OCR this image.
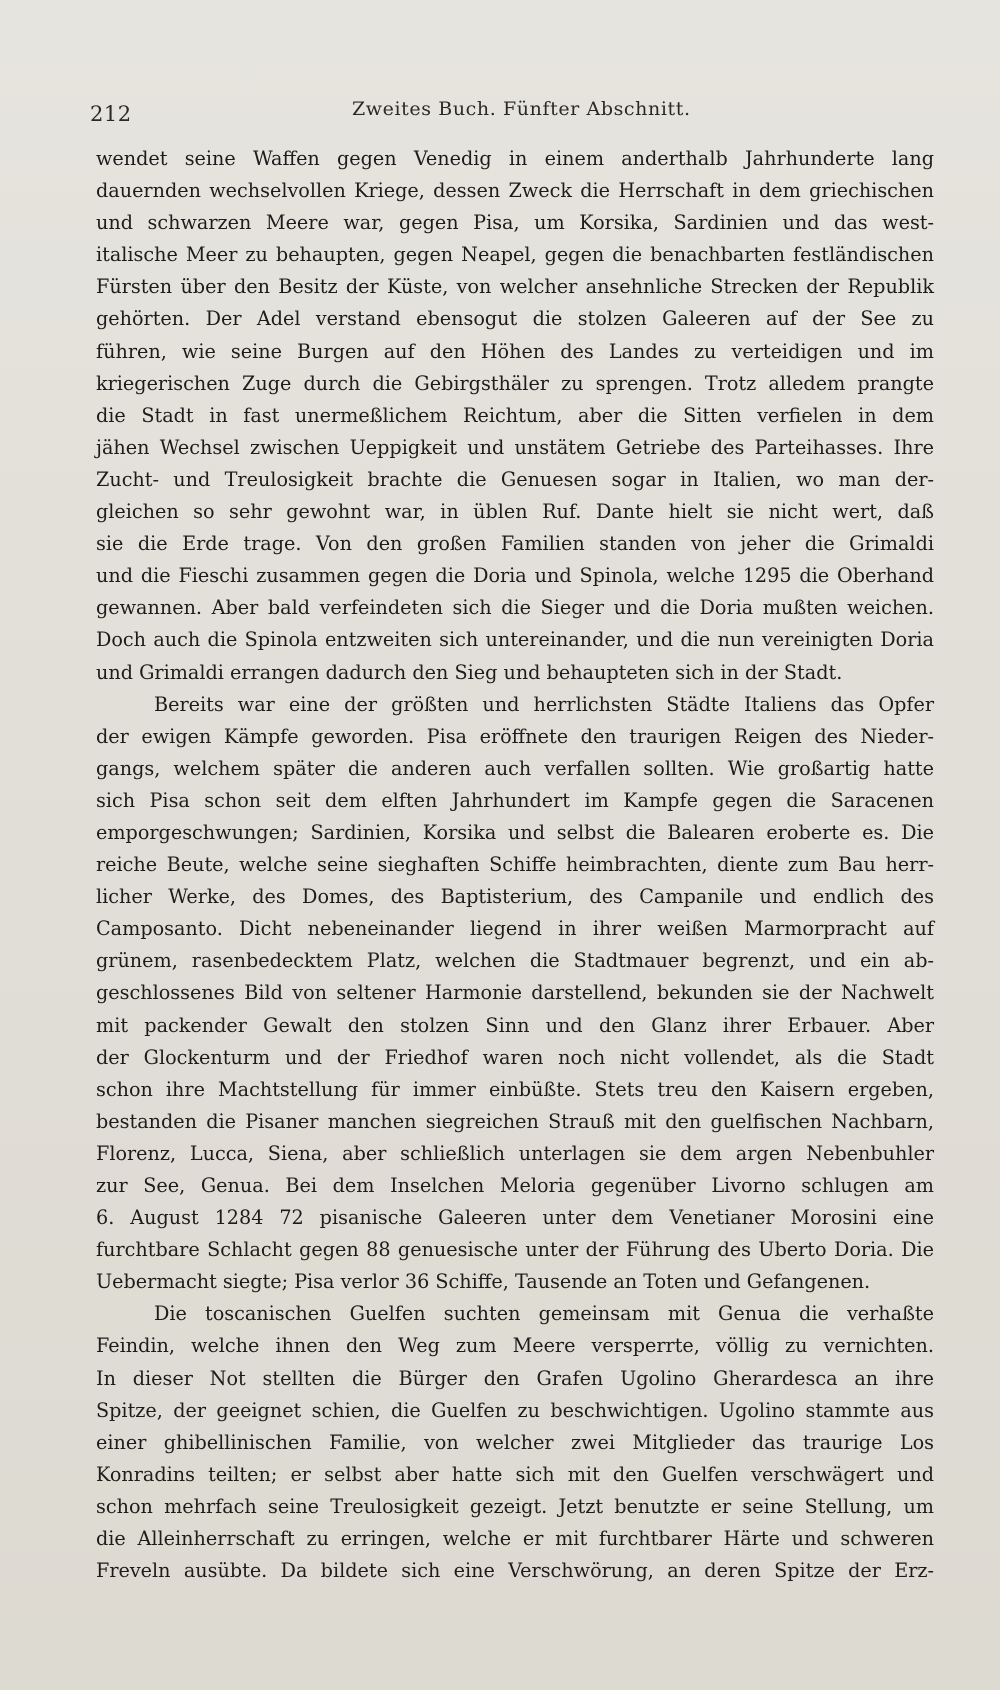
212	Zweites Buch. Fünfter Abschnitt.
wendet seine Waffen gegen Venedig in einem anderthalb Jahrhunderte lang
dauernden wechselvollen Kriege, dessen Zweck die Herrschaft in dem griechischen
und schwarzen Meere war, gegen Pisa, um Korsika, Sardinien und das west-
italische Meer zu behaupten, gegen Neapel, gegen die benachbarten festländischen
Fürsten über den Besitz der Küste, von welcher ansehnliche Strecken der Republik
gehörten. Der Adel verstand ebensogut die stolzen Galeeren auf der See zu
führen, wie seine Burgen auf den Höhen des Landes zu verteidigen und im
kriegerischen Zuge durch die Gebirgsthäler zu sprengen. Trotz alledem prangte
die Stadt in fast unermeßlichem Reichtum, aber die Sitten verfielen in dem
jähen Wechsel zwischen Ueppigkeit und unstätem Getriebe des Parteihasses. Ihre
Zucht- und Treulosigkeit brachte die Genuesen sogar in Italien, wo man der-
gleichen so sehr gewohnt war, in üblen Ruf. Dante hielt sie nicht wert, daß
sie die Erde trage. Von den großen Familien standen von jeher die Grimaldi
und die Fieschi zusammen gegen die Doria und Spinola, welche 1295 die Oberhand
gewannen. Aber bald verfeindeten sich die Sieger und die Doria mußten weichen.
Doch auch die Spinola entzweiten sich untereinander, und die nun vereinigten Doria
und Grimaldi errangen dadurch den Sieg und behaupteten sich in der Stadt.
Bereits war eine der größten und herrlichsten Städte Italiens das Opfer
der ewigen Kämpfe geworden. Pisa eröffnete den traurigen Reigen des Nieder-
gangs, welchem später die anderen auch verfallen sollten. Wie großartig hatte
sich Pisa schon seit dem elften Jahrhundert im Kampfe gegen die Saracenen
emporgeschwungen; Sardinien, Korsika und selbst die Balearen eroberte es. Die
reiche Beute, welche seine sieghaften Schiffe heimbrachten, diente zum Bau herr-
licher Werke, des Domes, des Baptisterium, des Campanile und endlich des
Camposanto. Dicht nebeneinander liegend in ihrer weißen Marmorpracht auf
grünem, rasenbedecktem Platz, welchen die Stadtmauer begrenzt, und ein ab-
geschlossenes Bild von seltener Harmonie darstellend, bekunden sie der Nachwelt
mit packender Gewalt den stolzen Sinn und den Glanz ihrer Erbauer. Aber
der Glockenturm und der Friedhof waren noch nicht vollendet, als die Stadt
schon ihre Machtstellung für immer einbüßte. Stets treu den Kaisern ergeben,
bestanden die Pisaner manchen siegreichen Strauß mit den guelfischen Nachbarn,
Florenz, Lucca, Siena, aber schließlich unterlagen sie dem argen Nebenbuhler
zur See, Genua. Bei dem Inselchen Meloria gegenüber Livorno schlugen am
6. August 1284 72 pisanische Galeeren unter dem Venetianer Morosini eine
furchtbare Schlacht gegen 88 genuesische unter der Führung des Uberto Doria. Die
Uebermacht siegte; Pisa verlor 36 Schiffe, Tausende an Toten und Gefangenen.
Die toscanischen Guelfen suchten gemeinsam mit Genua die verhaßte
Feindin, welche ihnen den Weg zum Meere versperrte, völlig zu vernichten.
In dieser Not stellten die Bürger den Grafen Ugolino Gherardesca an ihre
Spitze, der geeignet schien, die Guelfen zu beschwichtigen. Ugolino stammte aus
einer ghibellinischen Familie, von welcher zwei Mitglieder das traurige Los
Konradins teilten; er selbst aber hatte sich mit den Guelfen verschwägert und
schon mehrfach seine Treulosigkeit gezeigt. Jetzt benutzte er seine Stellung, um
die Alleinherrschaft zu erringen, welche er mit furchtbarer Härte und schweren
Freveln ausübte. Da bildete sich eine Verschwörung, an deren Spitze der Erz-
